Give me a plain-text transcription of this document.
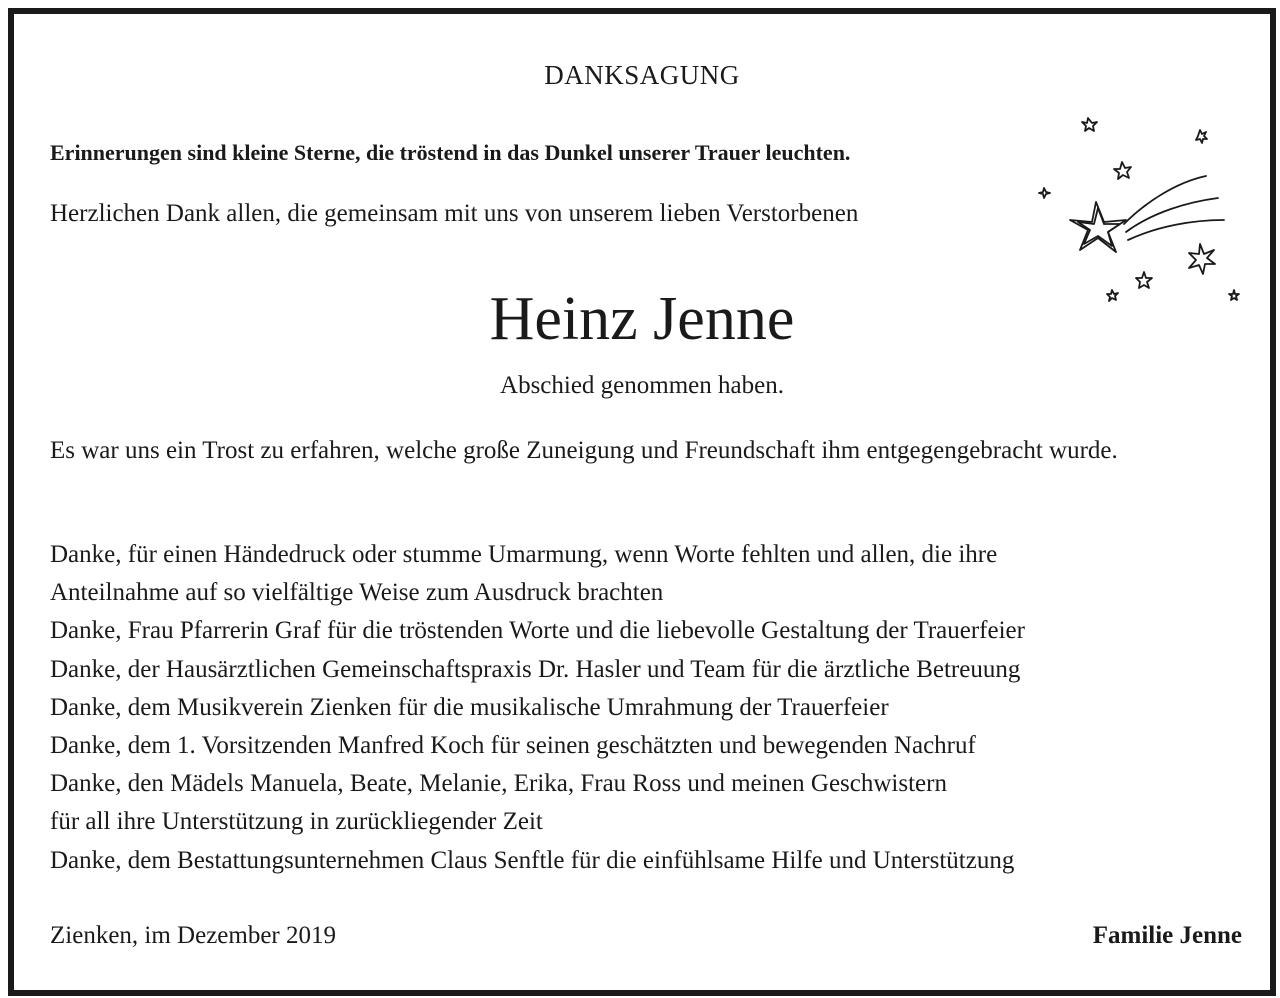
DANKSAGUNG
Erinnerungen sind kleine Sterne, die tröstend in das Dunkel unserer Trauer leuchten.
Herzlichen Dank allen, die gemeinsam mit uns von unserem lieben Verstorbenen
Heinz Jenne
Abschied genommen haben.
Es war uns ein Trost zu erfahren, welche große Zuneigung und Freundschaft ihm entgegengebracht wurde.
Danke, für einen Händedruck oder stumme Umarmung, wenn Worte fehlten und allen, die ihre
Anteilnahme auf so vielfältige Weise zum Ausdruck brachten
Danke, Frau Pfarrerin Graf für die tröstenden Worte und die liebevolle Gestaltung der Trauerfeier
Danke, der Hausärztlichen Gemeinschaftspraxis Dr. Hasler und Team für die ärztliche Betreuung
Danke, dem Musikverein Zienken für die musikalische Umrahmung der Trauerfeier
Danke, dem 1. Vorsitzenden Manfred Koch für seinen geschätzten und bewegenden Nachruf
Danke, den Mädels Manuela, Beate, Melanie, Erika, Frau Ross und meinen Geschwistern
für all ihre Unterstützung in zurückliegender Zeit
Danke, dem Bestattungsunternehmen Claus Senftle für die einfühlsame Hilfe und Unterstützung
Zienken, im Dezember 2019	Familie Jenne
